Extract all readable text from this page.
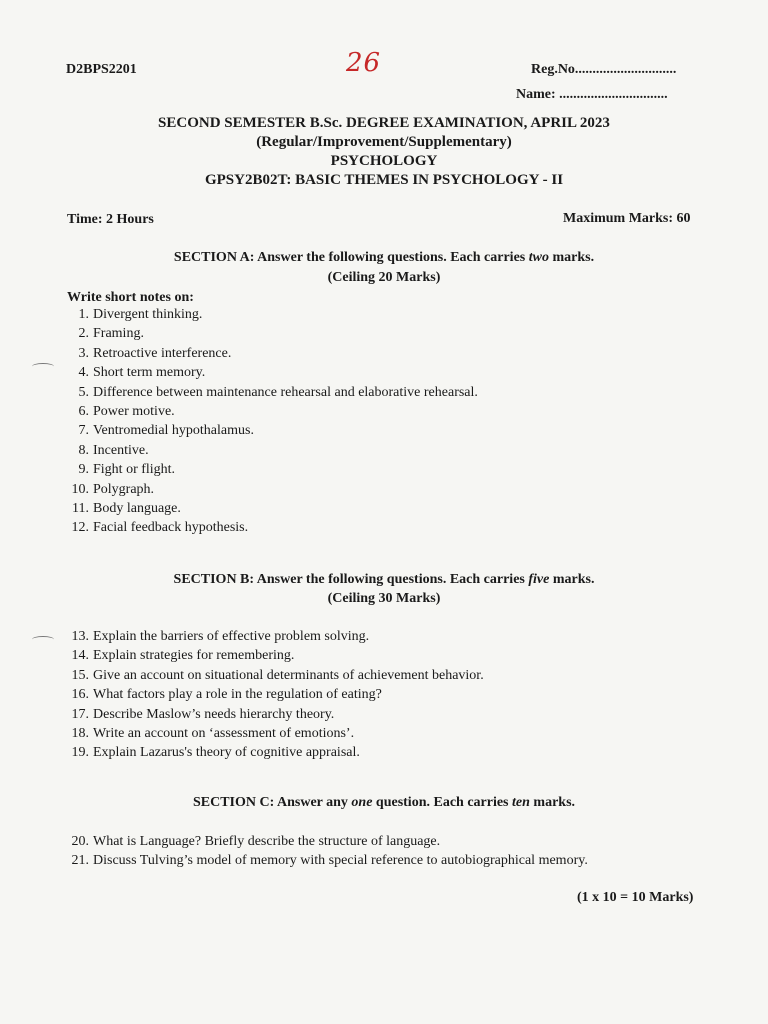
D2BPS2201	26	Reg.No.............................
Name: ...............................
SECOND SEMESTER B.Sc. DEGREE EXAMINATION, APRIL 2023
(Regular/Improvement/Supplementary)
PSYCHOLOGY
GPSY2B02T: BASIC THEMES IN PSYCHOLOGY - II
Time: 2 Hours	Maximum Marks: 60
SECTION A: Answer the following questions. Each carries two marks.
(Ceiling 20 Marks)
Write short notes on:
1. Divergent thinking.
2. Framing.
3. Retroactive interference.
4. Short term memory.
5. Difference between maintenance rehearsal and elaborative rehearsal.
6. Power motive.
7. Ventromedial hypothalamus.
8. Incentive.
9. Fight or flight.
10. Polygraph.
11. Body language.
12. Facial feedback hypothesis.
SECTION B: Answer the following questions. Each carries five marks.
(Ceiling 30 Marks)
13. Explain the barriers of effective problem solving.
14. Explain strategies for remembering.
15. Give an account on situational determinants of achievement behavior.
16. What factors play a role in the regulation of eating?
17. Describe Maslow’s needs hierarchy theory.
18. Write an account on ‘assessment of emotions’.
19. Explain Lazarus's theory of cognitive appraisal.
SECTION C: Answer any one question. Each carries ten marks.
20. What is Language? Briefly describe the structure of language.
21. Discuss Tulving’s model of memory with special reference to autobiographical memory.
(1 x 10 = 10 Marks)
